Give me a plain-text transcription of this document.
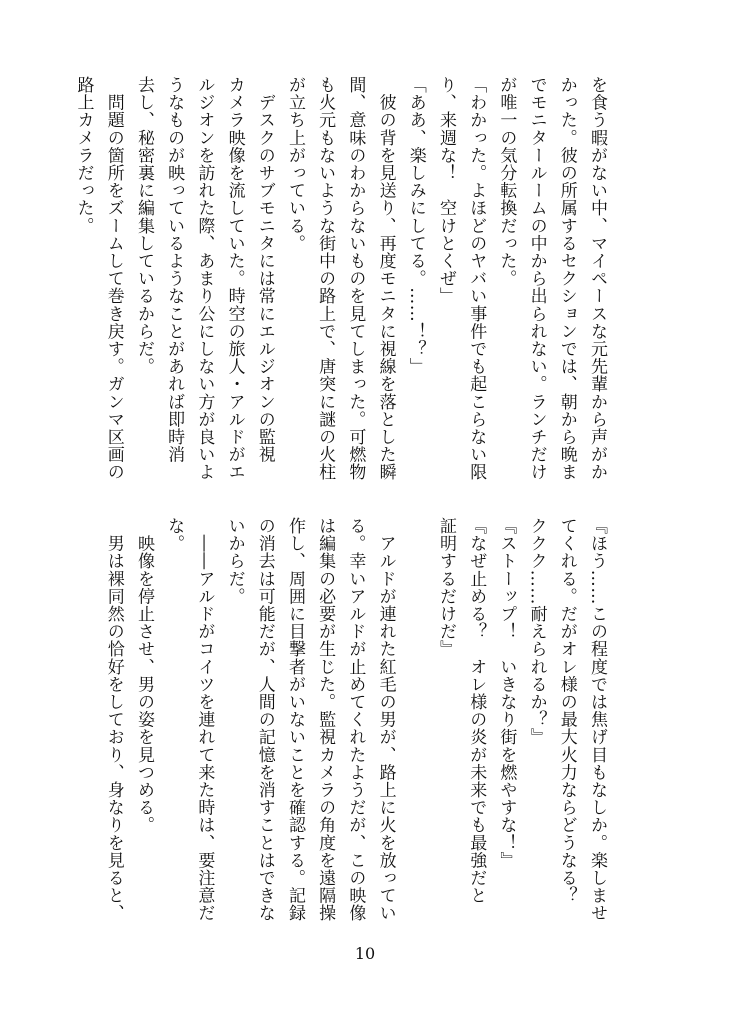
を食う暇がない中、マイペースな元先輩から声がか
かった。彼の所属するセクションでは、朝から晩ま
でモニタールームの中から出られない。ランチだけ
が唯一の気分転換だった。
「わかった。よほどのヤバい事件でも起こらない限
り、来週な！　空けとくぜ」
「ああ、楽しみにしてる。……！？」
　彼の背を見送り、再度モニタに視線を落とした瞬
間、意味のわからないものを見てしまった。可燃物
も火元もないような街中の路上で、唐突に謎の火柱
が立ち上がっている。
　デスクのサブモニタには常にエルジオンの監視
カメラ映像を流していた。時空の旅人・アルドがエ
ルジオンを訪れた際、あまり公にしない方が良いよ
うなものが映っているようなことがあれば即時消
去し、秘密裏に編集しているからだ。
　問題の箇所をズームして巻き戻す。ガンマ区画の
路上カメラだった。
『ほう……この程度では焦げ目もなしか。楽しませ
てくれる。だがオレ様の最大火力ならどうなる？
ククク……耐えられるか？』
『ストーップ！　いきなり街を燃やすな！』
『なぜ止める？　オレ様の炎が未来でも最強だと
証明するだけだ』
　アルドが連れた紅毛の男が、路上に火を放ってい
る。幸いアルドが止めてくれたようだが、この映像
は編集の必要が生じた。監視カメラの角度を遠隔操
作し、周囲に目撃者がいないことを確認する。記録
の消去は可能だが、人間の記憶を消すことはできな
いからだ。
　――アルドがコイツを連れて来た時は、要注意だ
な。
　映像を停止させ、男の姿を見つめる。
　男は裸同然の恰好をしており、身なりを見ると、
10
